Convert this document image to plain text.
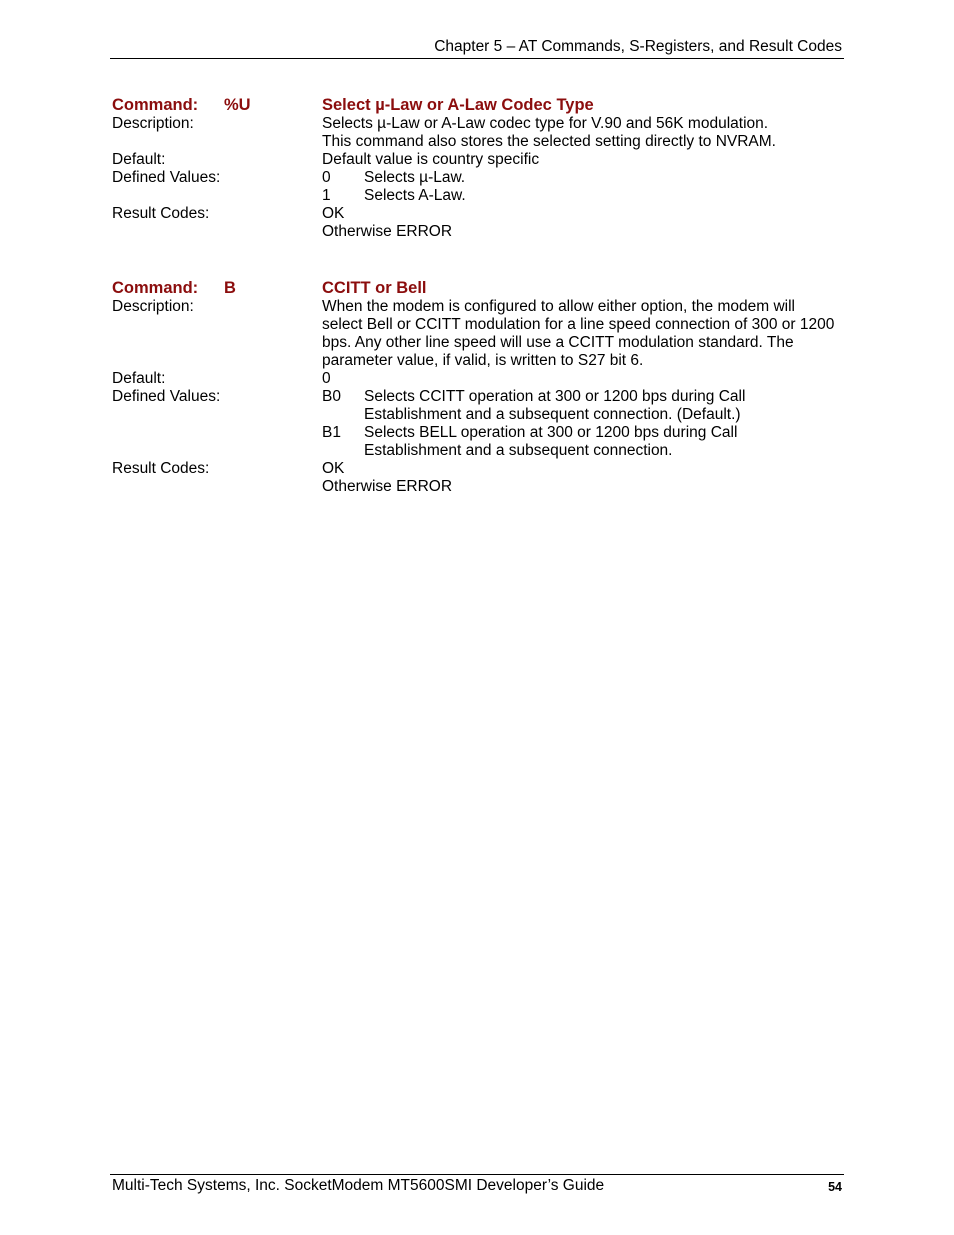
Chapter 5 – AT Commands, S-Registers, and Result Codes
Command: %U	Select µ-Law or A-Law Codec Type
Description:	Selects µ-Law or A-Law codec type for V.90 and 56K modulation.
This command also stores the selected setting directly to NVRAM.
Default:	Default value is country specific
Defined Values:	0 Selects µ-Law.
1 Selects A-Law.
Result Codes:	OK
Otherwise ERROR
Command: B	CCITT or Bell
Description:	When the modem is configured to allow either option, the modem will
select Bell or CCITT modulation for a line speed connection of 300 or 1200
bps. Any other line speed will use a CCITT modulation standard. The
parameter value, if valid, is written to S27 bit 6.
Default:	0
Defined Values:	B0 Selects CCITT operation at 300 or 1200 bps during Call
Establishment and a subsequent connection. (Default.)
B1 Selects BELL operation at 300 or 1200 bps during Call
Establishment and a subsequent connection.
Result Codes:	OK
Otherwise ERROR
Multi-Tech Systems, Inc. SocketModem MT5600SMI Developer’s Guide	54
